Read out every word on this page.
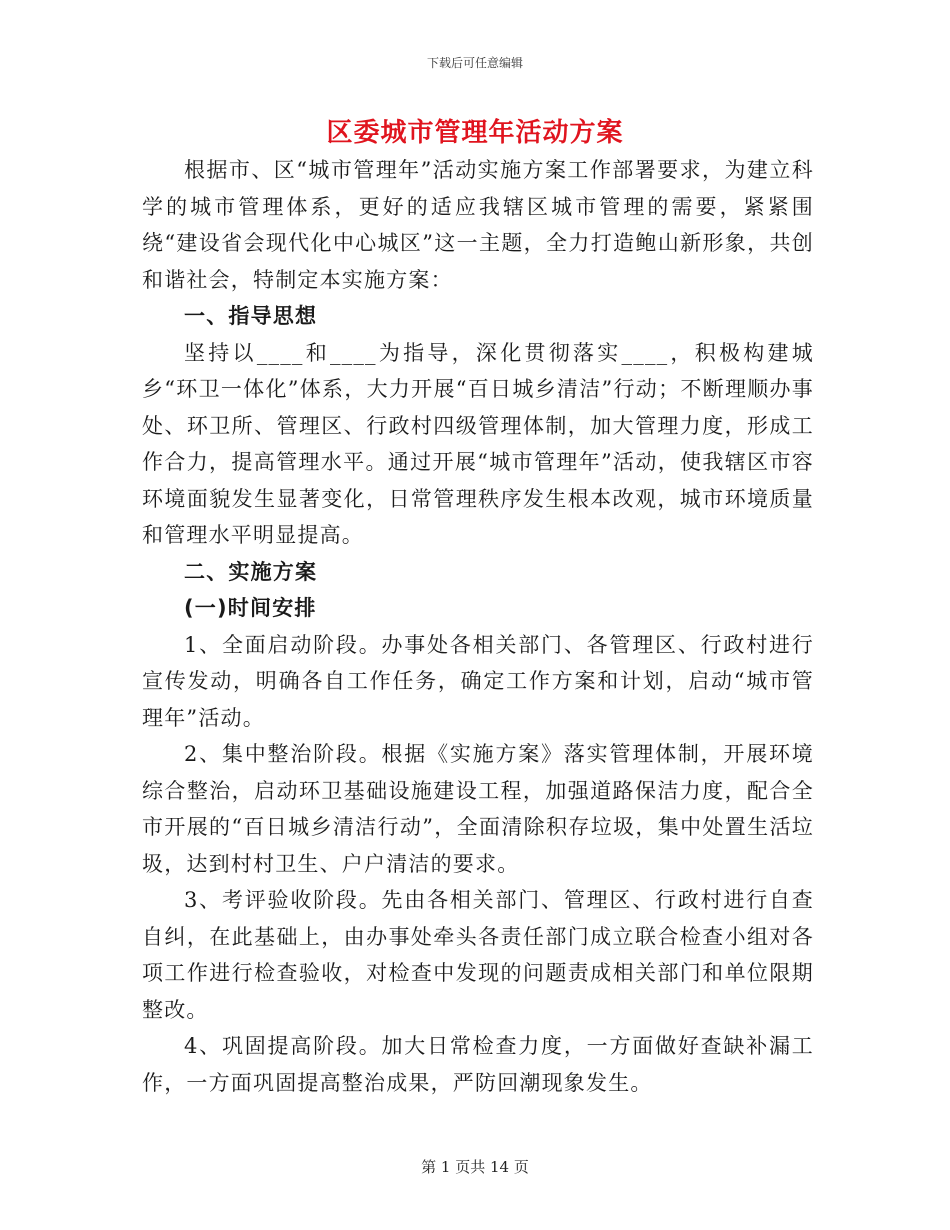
下载后可任意编辑
区委城市管理年活动方案

根据市、区“城市管理年”活动实施方案工作部署要求，为建立科学的城市管理体系，更好的适应我辖区城市管理的需要，紧紧围绕“建设省会现代化中心城区”这一主题，全力打造鲍山新形象，共创和谐社会，特制定本实施方案：

一、指导思想

坚持以____和____为指导，深化贯彻落实____，积极构建城乡“环卫一体化”体系，大力开展“百日城乡清洁”行动；不断理顺办事处、环卫所、管理区、行政村四级管理体制，加大管理力度，形成工作合力，提高管理水平。通过开展“城市管理年”活动，使我辖区市容环境面貌发生显著变化，日常管理秩序发生根本改观，城市环境质量和管理水平明显提高。

二、实施方案

(一)时间安排

1、全面启动阶段。办事处各相关部门、各管理区、行政村进行宣传发动，明确各自工作任务，确定工作方案和计划，启动“城市管理年”活动。

2、集中整治阶段。根据《实施方案》落实管理体制，开展环境综合整治，启动环卫基础设施建设工程，加强道路保洁力度，配合全市开展的“百日城乡清洁行动”，全面清除积存垃圾，集中处置生活垃圾，达到村村卫生、户户清洁的要求。

3、考评验收阶段。先由各相关部门、管理区、行政村进行自查自纠，在此基础上，由办事处牵头各责任部门成立联合检查小组对各项工作进行检查验收，对检查中发现的问题责成相关部门和单位限期整改。

4、巩固提高阶段。加大日常检查力度，一方面做好查缺补漏工作，一方面巩固提高整治成果，严防回潮现象发生。

第 1 页共 14 页
